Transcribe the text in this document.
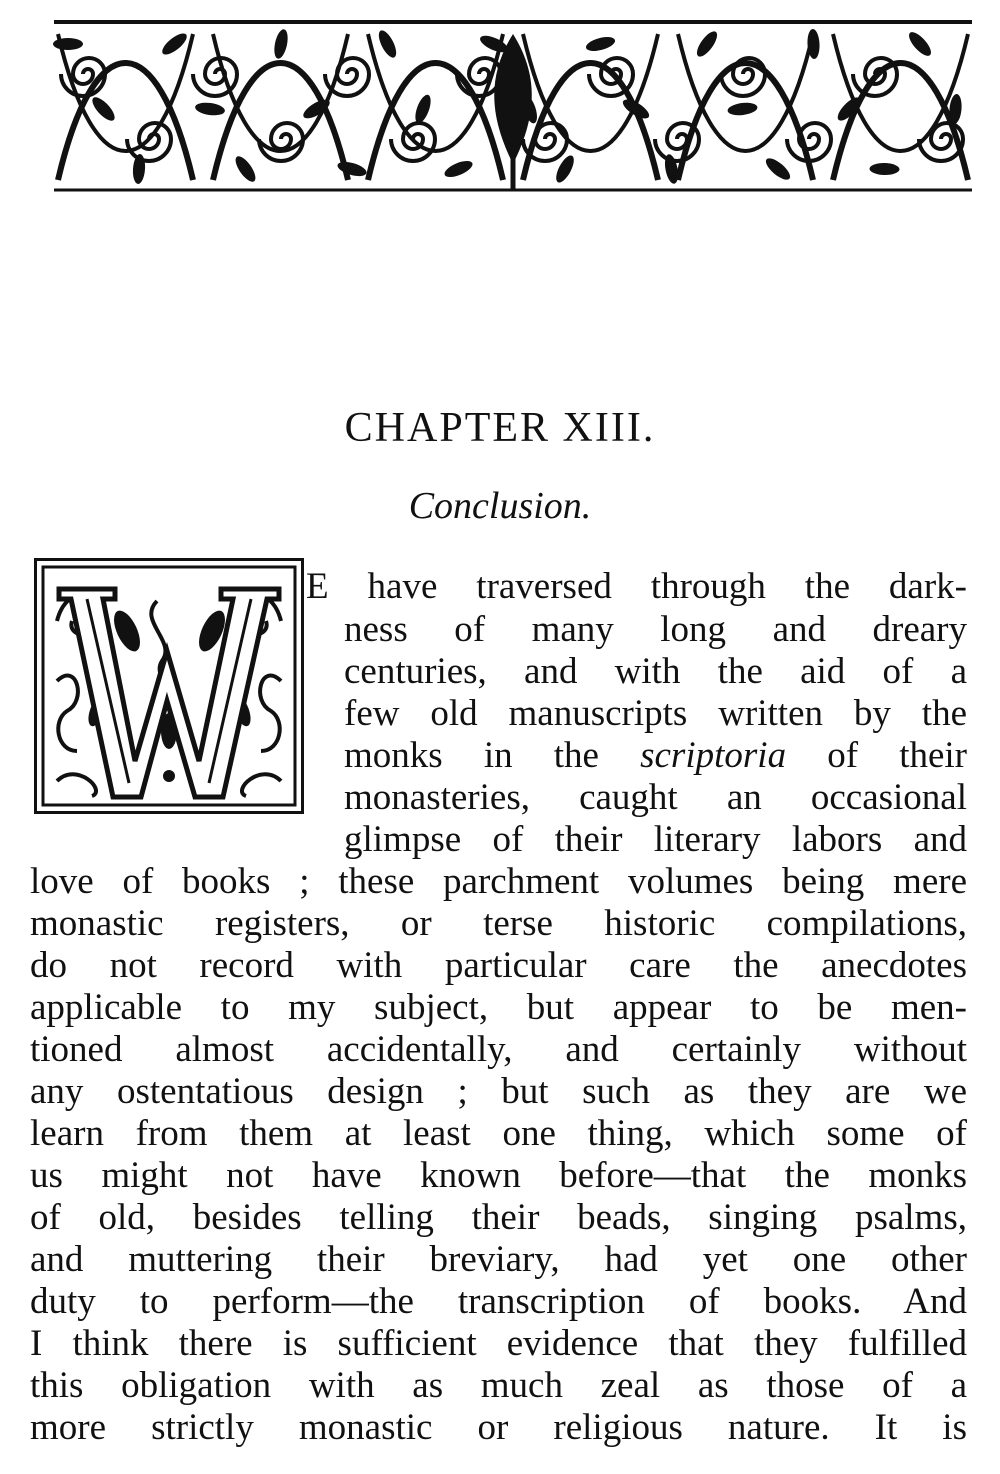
CHAPTER XIII.
Conclusion.
E have traversed through the dark-
ness of many long and dreary
centuries, and with the aid of a
few old manuscripts written by the
monks in the scriptoria of their
monasteries, caught an occasional
glimpse of their literary labors and
love of books ; these parchment volumes being mere
monastic registers, or terse historic compilations,
do not record with particular care the anecdotes
applicable to my subject, but appear to be men-
tioned almost accidentally, and certainly without
any ostentatious design ; but such as they are we
learn from them at least one thing, which some of
us might not have known before—that the monks
of old, besides telling their beads, singing psalms,
and muttering their breviary, had yet one other
duty to perform—the transcription of books. And
I think there is sufficient evidence that they fulfilled
this obligation with as much zeal as those of a
more strictly monastic or religious nature. It is
